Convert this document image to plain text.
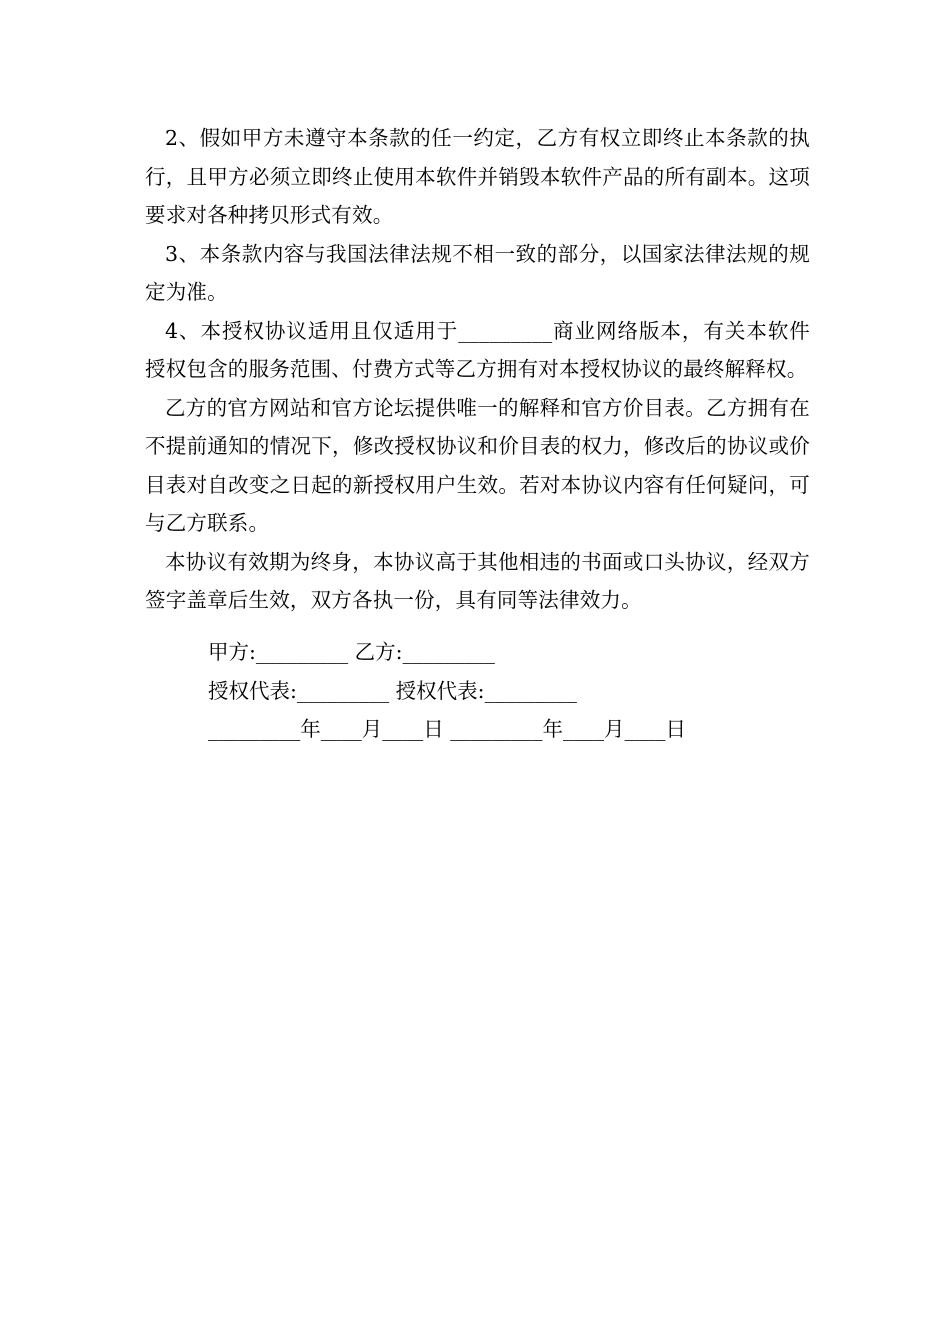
2、假如甲方未遵守本条款的任一约定，乙方有权立即终止本条款的执行，且甲方必须立即终止使用本软件并销毁本软件产品的所有副本。这项要求对各种拷贝形式有效。

3、本条款内容与我国法律法规不相一致的部分，以国家法律法规的规定为准。

4、本授权协议适用且仅适用于_________商业网络版本，有关本软件授权包含的服务范围、付费方式等乙方拥有对本授权协议的最终解释权。

乙方的官方网站和官方论坛提供唯一的解释和官方价目表。乙方拥有在不提前通知的情况下，修改授权协议和价目表的权力，修改后的协议或价目表对自改变之日起的新授权用户生效。若对本协议内容有任何疑问，可与乙方联系。

本协议有效期为终身，本协议高于其他相违的书面或口头协议，经双方签字盖章后生效，双方各执一份，具有同等法律效力。

甲方:_________ 乙方:_________

授权代表:_________ 授权代表:_________

_________年____月____日 _________年____月____日
